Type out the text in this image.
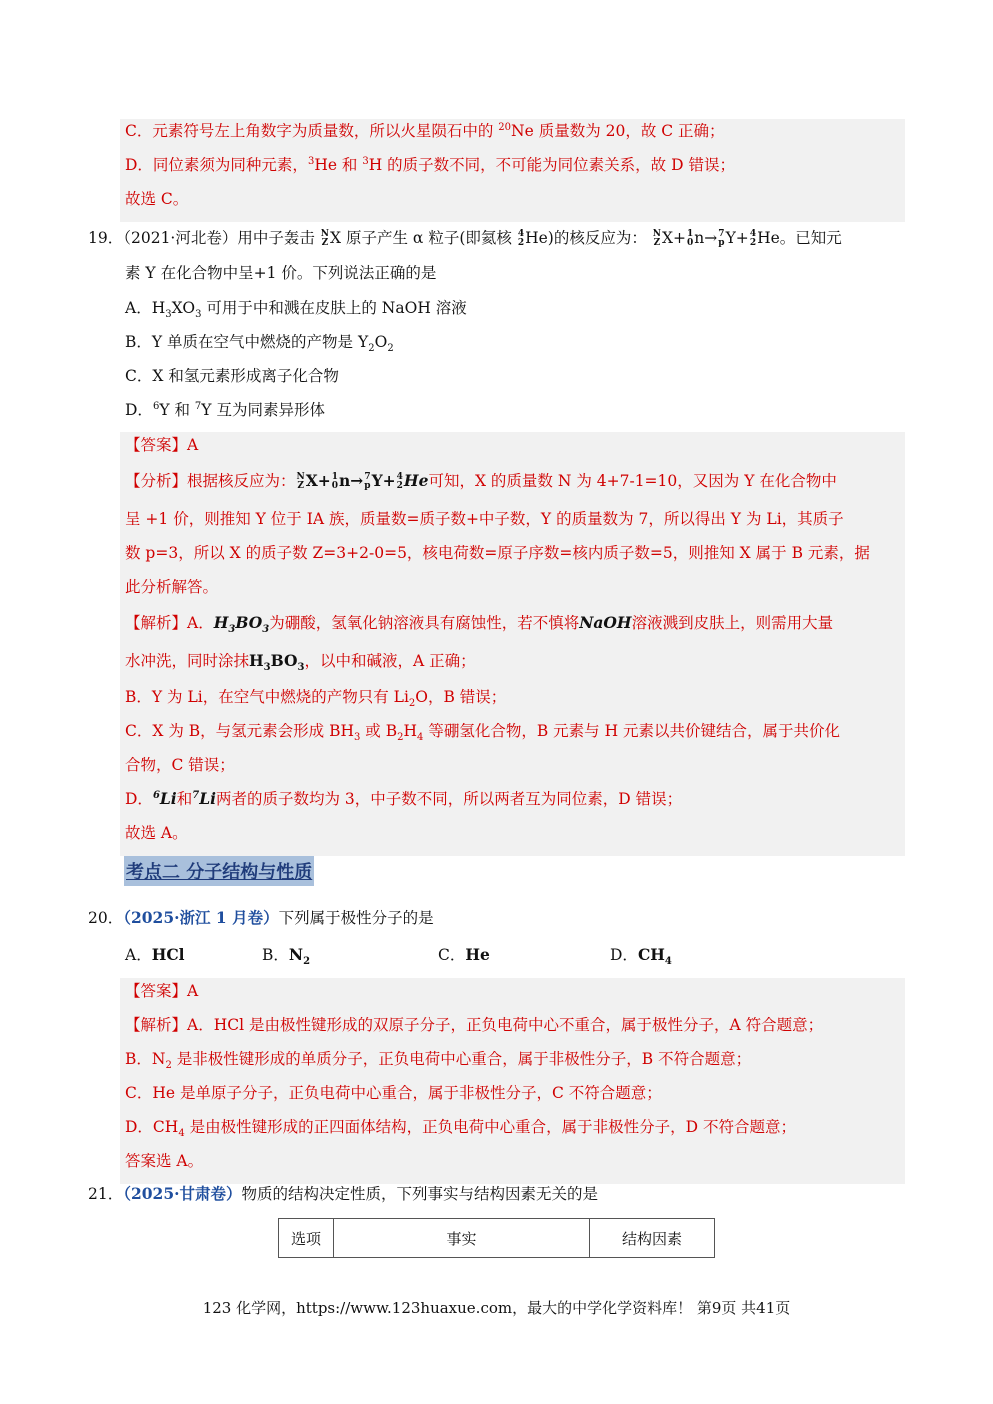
C．元素符号左上角数字为质量数，所以火星陨石中的 $^{20}$Ne 质量数为 20，故 C 正确；
D．同位素须为同种元素，$^3$He 和 $^3$H 的质子数不同，不可能为同位素关系，故 D 错误；
故选 C。
19．（2021·河北卷）用中子轰击 N
Z X 原子产生 α 粒子(即氦核 4
2 He)的核反应为： N
Z X+ 1
0 n→ 7
p Y+ 4
2 He。已知元
素 Y 在化合物中呈+1 价。下列说法正确的是
A．$H_3XO_3$ 可用于中和溅在皮肤上的 NaOH 溶液
B．Y 单质在空气中燃烧的产物是 $Y_2O_2$
C．X 和氢元素形成离子化合物
D．$^6$Y 和 $^7$Y 互为同素异形体
【答案】A
【分析】根据核反应为： N
Z X+ 1
0 n→ 7
p Y+ 4
2 He可知，X 的质量数 N 为 4+7-1=10，又因为 Y 在化合物中
呈 +1 价，则推知 Y 位于 IA 族，质量数=质子数+中子数，Y 的质量数为 7，所以得出 Y 为 Li，其质子
数 p=3，所以 X 的质子数 Z=3+2-0=5，核电荷数=原子序数=核内质子数=5，则推知 X 属于 B 元素，据
此分析解答。
【解析】A．$H_3BO_3$为硼酸，氢氧化钠溶液具有腐蚀性，若不慎将NaOH溶液溅到皮肤上，则需用大量
水冲洗，同时涂抹$H_3BO_3$，以中和碱液，A 正确；
B．Y 为 Li，在空气中燃烧的产物只有 $Li_2O$，B 错误；
C．X 为 B，与氢元素会形成 $BH_3$ 或 $B_2H_4$ 等硼氢化合物，B 元素与 H 元素以共价键结合，属于共价化
合物，C 错误；
D．$^6$Li和$^7$Li两者的质子数均为 3，中子数不同，所以两者互为同位素，D 错误；
故选 A。
考点二 分子结构与性质
20．（2025·浙江 1 月卷）下列属于极性分子的是
A．HCl	B．$N_2$	C．He	D．$CH_4$
【答案】A
【解析】A．HCl 是由极性键形成的双原子分子，正负电荷中心不重合，属于极性分子，A 符合题意；
B．$N_2$ 是非极性键形成的单质分子，正负电荷中心重合，属于非极性分子，B 不符合题意；
C．He 是单原子分子，正负电荷中心重合，属于非极性分子，C 不符合题意；
D．$CH_4$ 是由极性键形成的正四面体结构，正负电荷中心重合，属于非极性分子，D 不符合题意；
答案选 A。
21．（2025·甘肃卷）物质的结构决定性质，下列事实与结构因素无关的是
选项	事实	结构因素
123 化学网，https://www.123huaxue.com，最大的中学化学资料库！ 第9页 共41页
